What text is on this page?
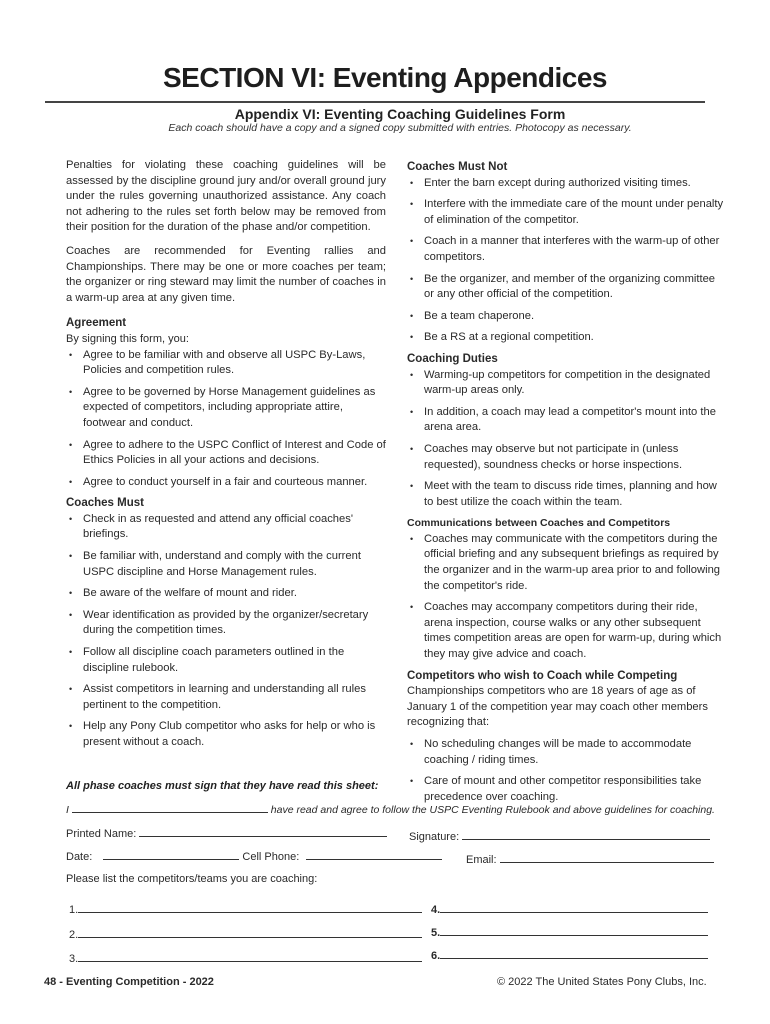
SECTION VI: Eventing Appendices
Appendix VI: Eventing Coaching Guidelines Form
Each coach should have a copy and a signed copy submitted with entries. Photocopy as necessary.

Penalties for violating these coaching guidelines will be assessed by the discipline ground jury and/or overall ground jury under the rules governing unauthorized assistance. Any coach not adhering to the rules set forth below may be removed from their position for the duration of the phase and/or competition.

Coaches are recommended for Eventing rallies and Championships. There may be one or more coaches per team; the organizer or ring steward may limit the number of coaches in a warm-up area at any given time.

Agreement
By signing this form, you:
• Agree to be familiar with and observe all USPC By-Laws, Policies and competition rules.
• Agree to be governed by Horse Management guidelines as expected of competitors, including appropriate attire, footwear and conduct.
• Agree to adhere to the USPC Conflict of Interest and Code of Ethics Policies in all your actions and decisions.
• Agree to conduct yourself in a fair and courteous manner.
Coaches Must
• Check in as requested and attend any official coaches' briefings.
• Be familiar with, understand and comply with the current USPC discipline and Horse Management rules.
• Be aware of the welfare of mount and rider.
• Wear identification as provided by the organizer/secretary during the competition times.
• Follow all discipline coach parameters outlined in the discipline rulebook.
• Assist competitors in learning and understanding all rules pertinent to the competition.
• Help any Pony Club competitor who asks for help or who is present without a coach.
Coaches Must Not
• Enter the barn except during authorized visiting times.
• Interfere with the immediate care of the mount under penalty of elimination of the competitor.
• Coach in a manner that interferes with the warm-up of other competitors.
• Be the organizer, and member of the organizing committee or any other official of the competition.
• Be a team chaperone.
• Be a RS at a regional competition.
Coaching Duties
• Warming-up competitors for competition in the designated warm-up areas only.
• In addition, a coach may lead a competitor's mount into the arena area.
• Coaches may observe but not participate in (unless requested), soundness checks or horse inspections.
• Meet with the team to discuss ride times, planning and how to best utilize the coach within the team.
Communications between Coaches and Competitors
• Coaches may communicate with the competitors during the official briefing and any subsequent briefings as required by the organizer and in the warm-up area prior to and following the competitor's ride.
• Coaches may accompany competitors during their ride, arena inspection, course walks or any other subsequent times competition areas are open for warm-up, during which they may give advice and coach.
Competitors who wish to Coach while Competing
Championships competitors who are 18 years of age as of January 1 of the competition year may coach other members recognizing that:
• No scheduling changes will be made to accommodate coaching / riding times.
• Care of mount and other competitor responsibilities take precedence over coaching.
All phase coaches must sign that they have read this sheet:
I	have read and agree to follow the USPC Eventing Rulebook and above guidelines for coaching.
Printed Name:	Signature:
Date:	Cell Phone:	Email:
Please list the competitors/teams you are coaching:
1.	4.
2.	5.
3.	6.
48 - Eventing Competition - 2022	© 2022 The United States Pony Clubs, Inc.
